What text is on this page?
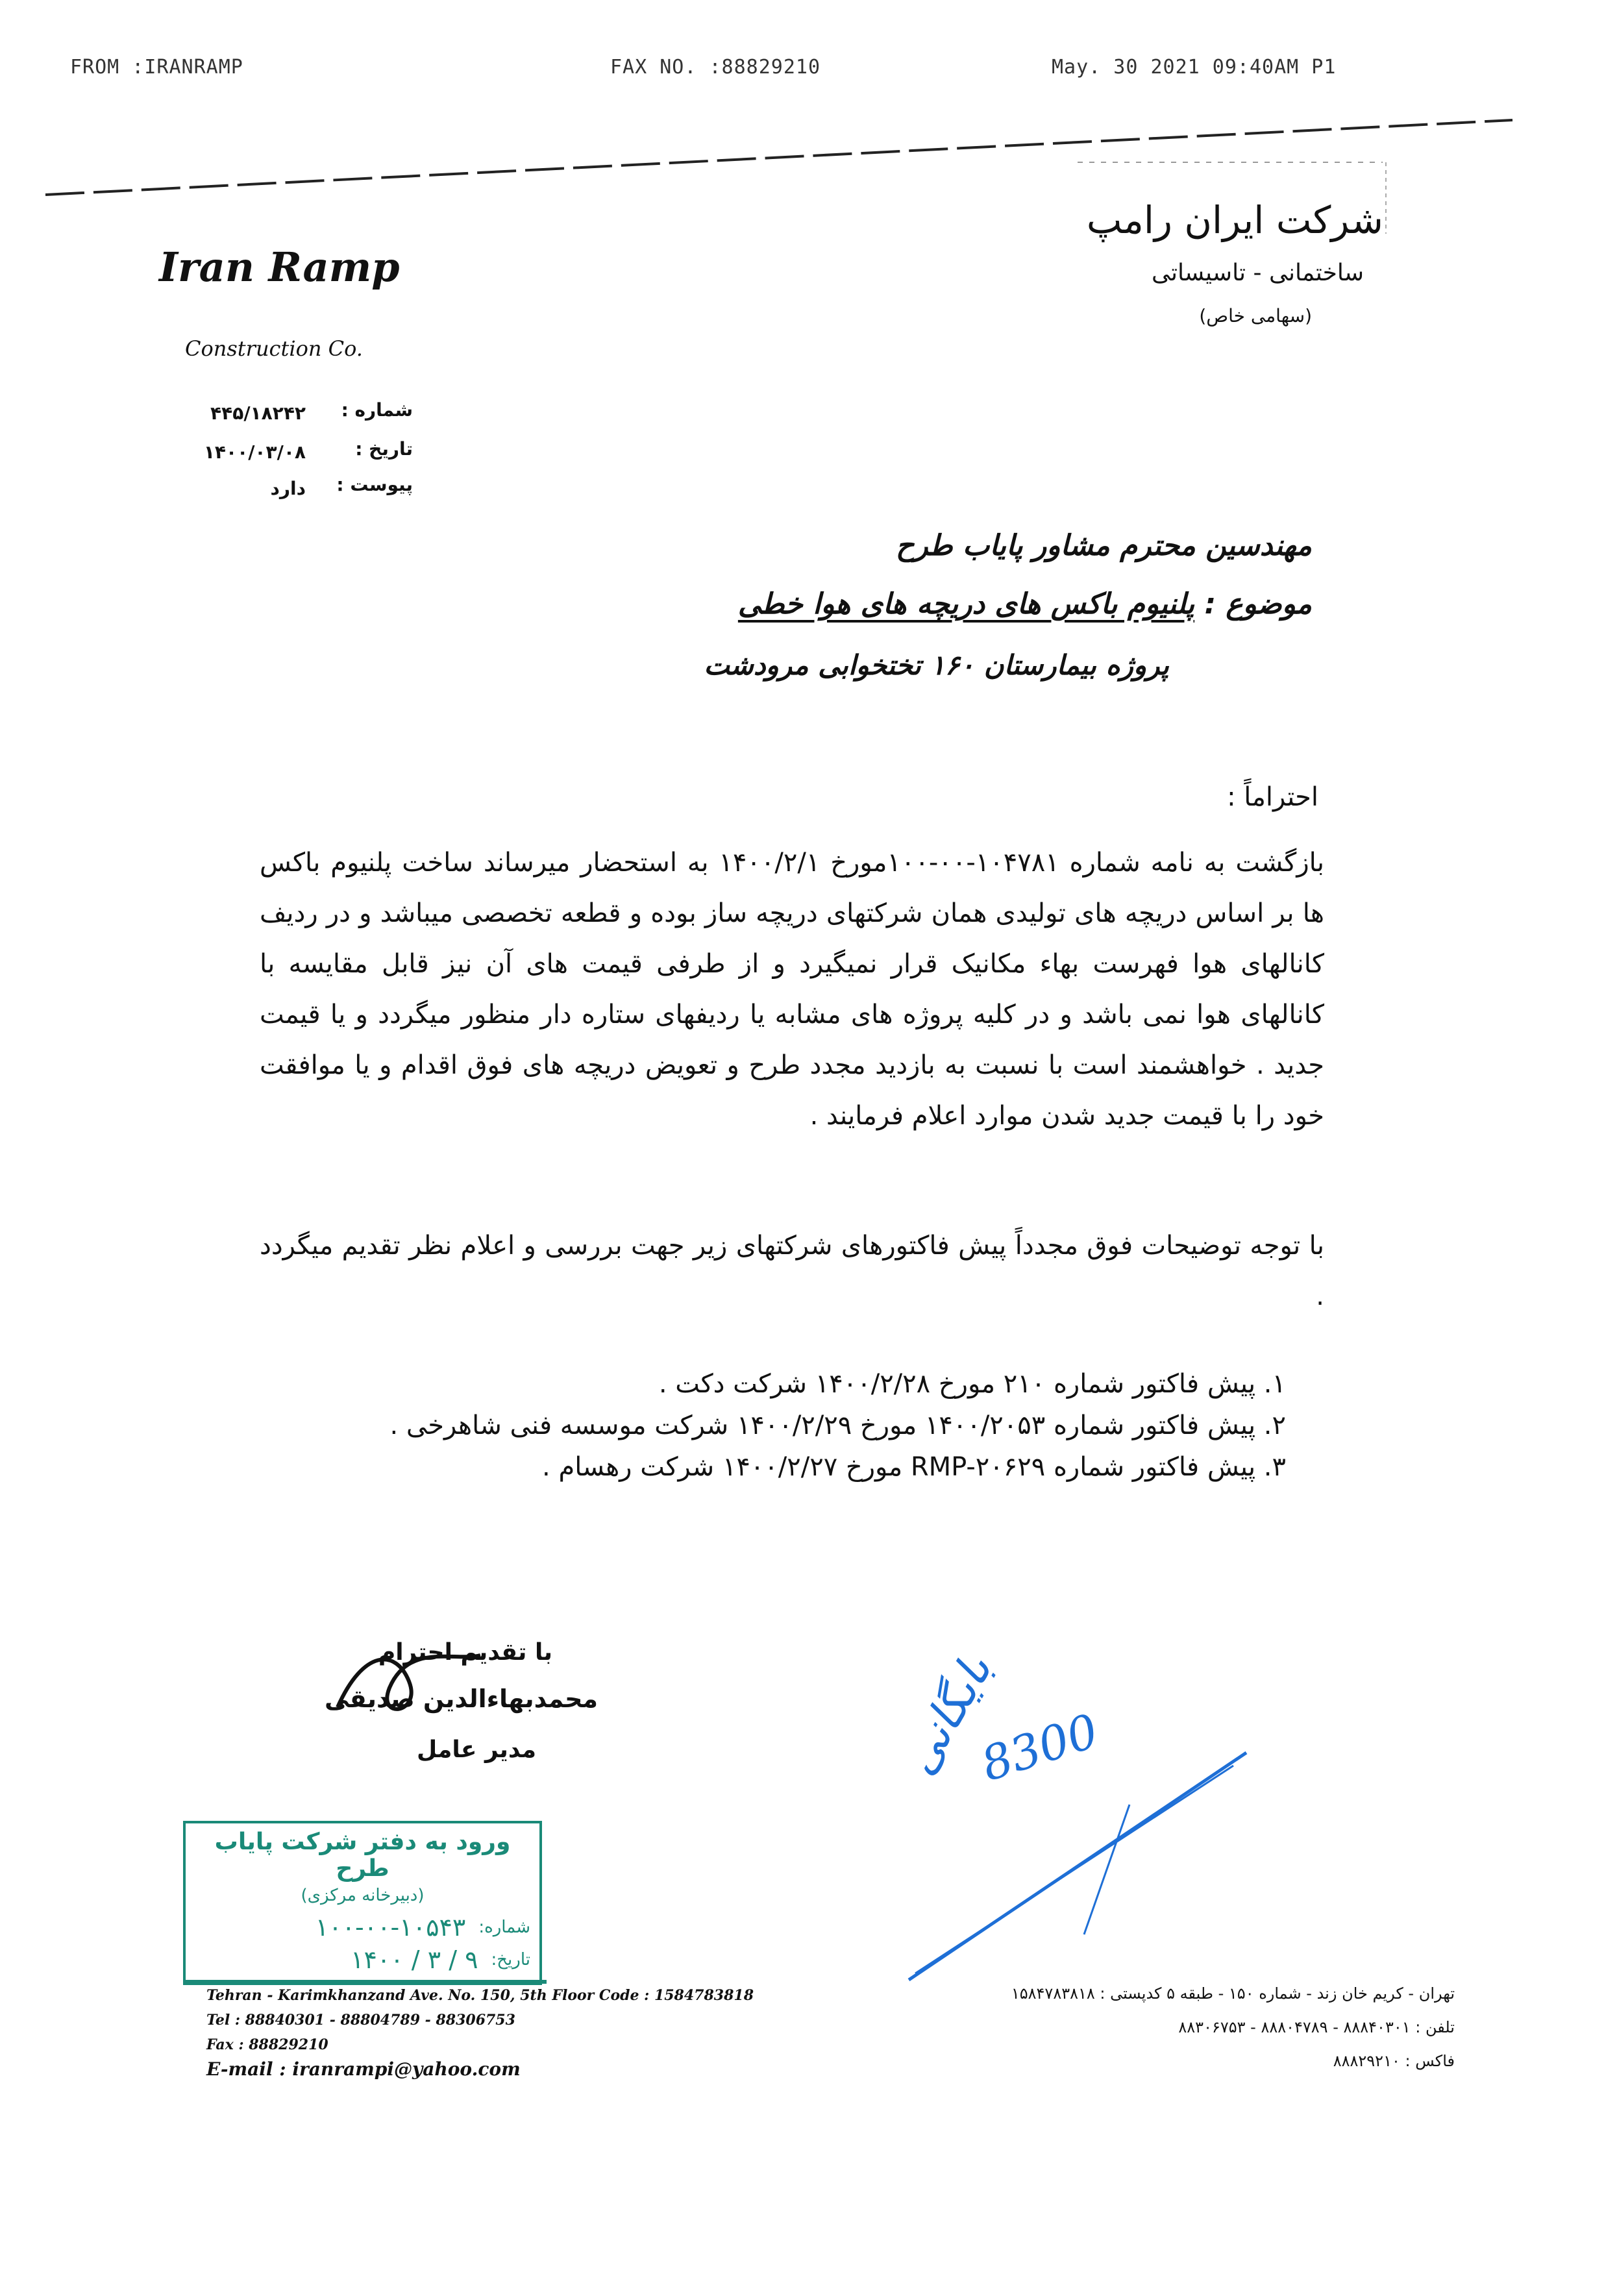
FROM :IRANRAMP	FAX NO. :88829210	May. 30 2021 09:40AM P1
Iran Ramp
Construction Co.
شرکت ایران رامپ
ساختمانی - تاسیساتی
(سهامی خاص)
شماره :
۴۴۵/۱۸۲۴۲
تاریخ :
۱۴۰۰/۰۳/۰۸
پیوست :
دارد
مهندسین محترم مشاور پایاب طرح
موضوع : پلنیوم باکس های دریچه های هوا خطی
پروژه بیمارستان ۱۶۰ تختخوابی مرودشت
احتراماً :
بازگشت به نامه شماره ۱۰۴۷۸۱-۰۰-۱۰۰مورخ ۱۴۰۰/۲/۱ به استحضار میرساند ساخت پلنیوم باکس ها بر اساس دریچه های تولیدی همان شرکتهای دریچه ساز بوده و قطعه تخصصی میباشد و در ردیف کانالهای هوا فهرست بهاء مکانیک قرار نمیگیرد و از طرفی قیمت های آن نیز قابل مقایسه با کانالهای هوا نمی باشد و در کلیه پروژه های مشابه یا ردیفهای ستاره دار منظور میگردد و یا قیمت جدید . خواهشمند است با نسبت به بازدید مجدد طرح و تعویض دریچه های فوق اقدام و یا موافقت خود را با قیمت جدید شدن موارد اعلام فرمایند .
با توجه توضیحات فوق مجدداً پیش فاکتورهای شرکتهای زیر جهت بررسی و اعلام نظر تقدیم میگردد .
۱. پیش فاکتور شماره ۲۱۰ مورخ ۱۴۰۰/۲/۲۸ شرکت دکت .
۲. پیش فاکتور شماره ۱۴۰۰/۲۰۵۳ مورخ ۱۴۰۰/۲/۲۹ شرکت موسسه فنی شاهرخی .
۳. پیش فاکتور شماره RMP-۲۰۶۲۹ مورخ ۱۴۰۰/۲/۲۷ شرکت رهسام .
با تقدیم احترام
محمدبهاءالدین صدیقی
مدیر عامل
ورود به دفتر شرکت پایاب طرح
(دبیرخانه مرکزی)
شماره:
۱۰۰-۰۰-۱۰۵۴۳
تاریخ:
۹ / ۳ / ۱۴۰۰
بایگانی
8300
Tehran - Karimkhanzand Ave. No. 150, 5th Floor Code : 1584783818
Tel : 88840301 - 88804789 - 88306753
Fax : 88829210
E-mail : iranrampi@yahoo.com
تهران - کریم خان زند - شماره ۱۵۰ - طبقه ۵ کدپستی : ۱۵۸۴۷۸۳۸۱۸
تلفن : ۸۸۸۴۰۳۰۱ - ۸۸۸۰۴۷۸۹ - ۸۸۳۰۶۷۵۳
فاکس : ۸۸۸۲۹۲۱۰
